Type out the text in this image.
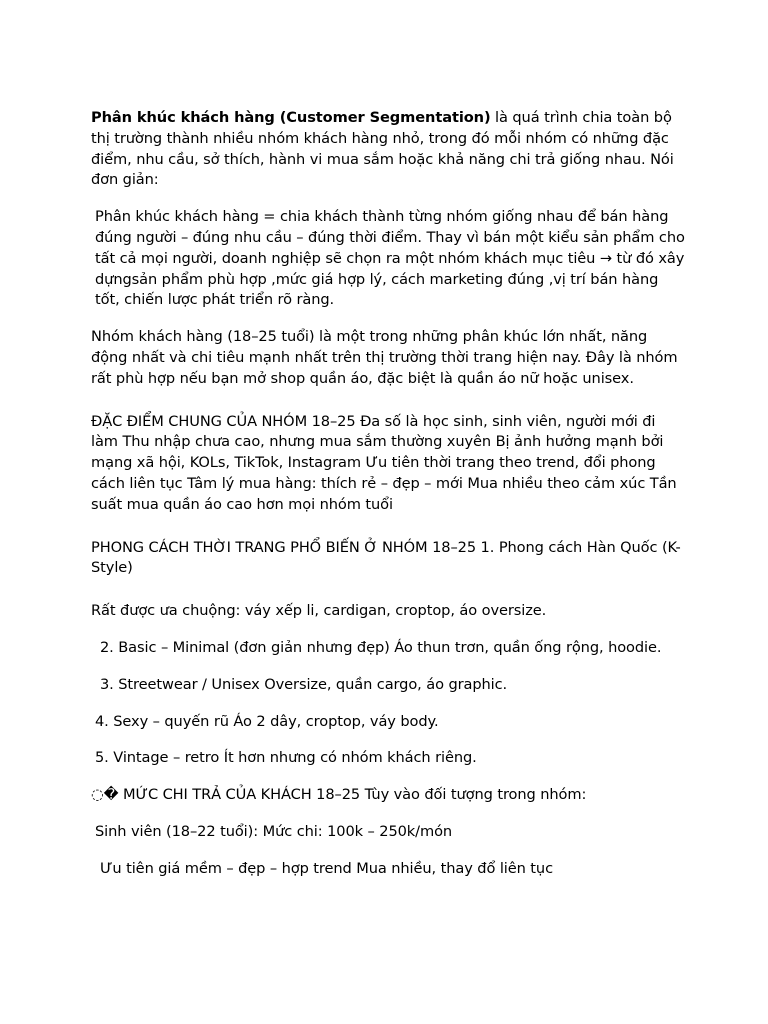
Phân khúc khách hàng (Customer Segmentation) là quá trình chia toàn bộ thị trường thành nhiều nhóm khách hàng nhỏ, trong đó mỗi nhóm có những đặc điểm, nhu cầu, sở thích, hành vi mua sắm hoặc khả năng chi trả giống nhau. Nói đơn giản:

Phân khúc khách hàng = chia khách thành từng nhóm giống nhau để bán hàng đúng người – đúng nhu cầu – đúng thời điểm. Thay vì bán một kiểu sản phẩm cho tất cả mọi người, doanh nghiệp sẽ chọn ra một nhóm khách mục tiêu → từ đó xây dựngsản phẩm phù hợp ,mức giá hợp lý, cách marketing đúng ,vị trí bán hàng tốt, chiến lược phát triển rõ ràng.

Nhóm khách hàng (18–25 tuổi) là một trong những phân khúc lớn nhất, năng động nhất và chi tiêu mạnh nhất trên thị trường thời trang hiện nay. Đây là nhóm rất phù hợp nếu bạn mở shop quần áo, đặc biệt là quần áo nữ hoặc unisex.

ĐẶC ĐIỂM CHUNG CỦA NHÓM 18–25 Đa số là học sinh, sinh viên, người mới đi làm Thu nhập chưa cao, nhưng mua sắm thường xuyên Bị ảnh hưởng mạnh bởi mạng xã hội, KOLs, TikTok, Instagram Ưu tiên thời trang theo trend, đổi phong cách liên tục Tâm lý mua hàng: thích rẻ – đẹp – mới Mua nhiều theo cảm xúc Tần suất mua quần áo cao hơn mọi nhóm tuổi

PHONG CÁCH THỜI TRANG PHỔ BIẾN Ở NHÓM 18–25 1. Phong cách Hàn Quốc (K-Style)

Rất được ưa chuộng: váy xếp li, cardigan, croptop, áo oversize.

2. Basic – Minimal (đơn giản nhưng đẹp) Áo thun trơn, quần ống rộng, hoodie.

3. Streetwear / Unisex Oversize, quần cargo, áo graphic.

4. Sexy – quyến rũ Áo 2 dây, croptop, váy body.

5. Vintage – retro Ít hơn nhưng có nhóm khách riêng.

◌� MỨC CHI TRẢ CỦA KHÁCH 18–25 Tùy vào đối tượng trong nhóm:

Sinh viên (18–22 tuổi): Mức chi: 100k – 250k/món

Ưu tiên giá mềm – đẹp – hợp trend Mua nhiều, thay đổ liên tục
